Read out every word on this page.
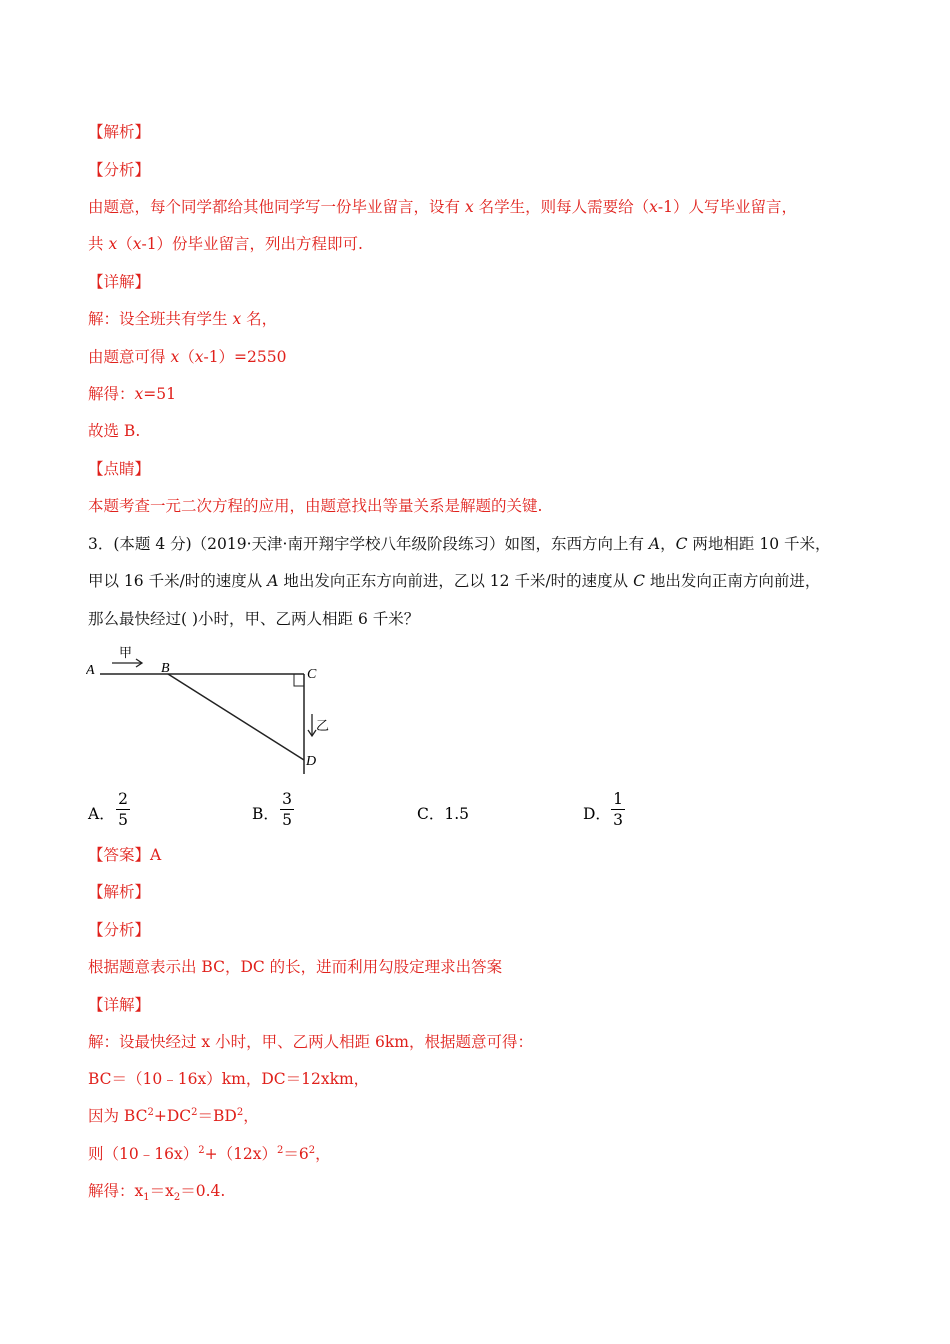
【解析】
【分析】
由题意，每个同学都给其他同学写一份毕业留言，设有 x 名学生，则每人需要给（x-1）人写毕业留言，
共 x（x-1）份毕业留言，列出方程即可.
【详解】
解：设全班共有学生 x 名，
由题意可得 x（x-1）=2550
解得：x=51
故选 B.
【点睛】
本题考查一元二次方程的应用，由题意找出等量关系是解题的关键.
3．(本题 4 分)（2019·天津·南开翔宇学校八年级阶段练习）如图，东西方向上有 A，C 两地相距 10 千米，
甲以 16 千米/时的速度从 A 地出发向正东方向前进，乙以 12 千米/时的速度从 C 地出发向正南方向前进，
那么最快经过( )小时，甲、乙两人相距 6 千米？
A	B	C
D
甲
乙
A．
2
5	B．
3
5	C．1.5	D．
1
3
【答案】A
【解析】
【分析】
根据题意表示出 BC，DC 的长，进而利用勾股定理求出答案
【详解】
解：设最快经过 x 小时，甲、乙两人相距 6km，根据题意可得：
BC＝（10﹣16x）km，DC＝12xkm，
因为 $BC^2+DC^2=BD^2$，
则$(10﹣16x)^2+(12x)^2=6^2$，
解得：$x_1=x_2=0.4$.
